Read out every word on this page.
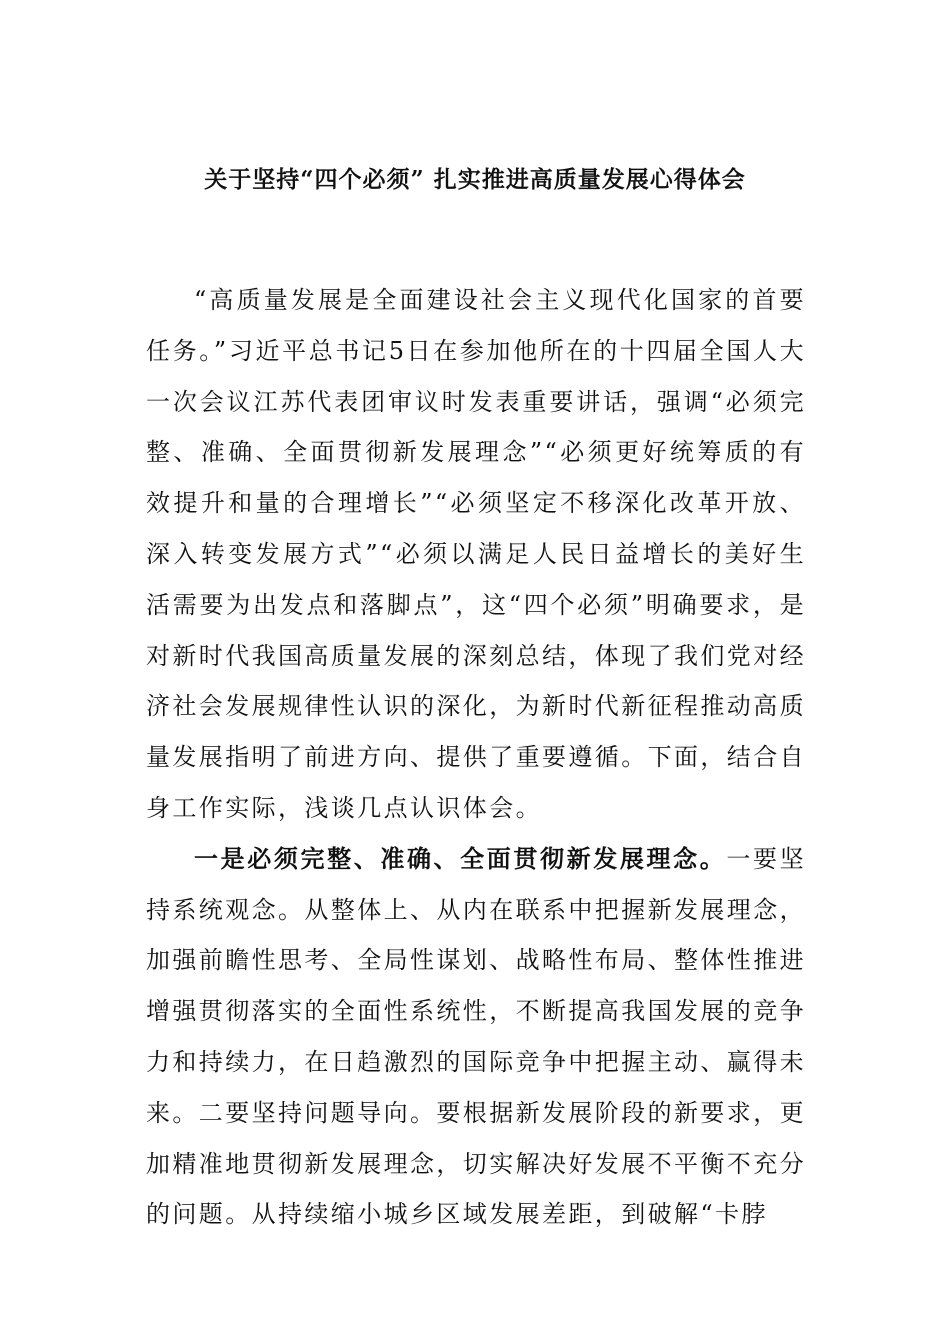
关于坚持“四个必须” 扎实推进高质量发展心得体会

“高质量发展是全面建设社会主义现代化国家的首要任务。”习近平总书记5日在参加他所在的十四届全国人大一次会议江苏代表团审议时发表重要讲话，强调“必须完整、准确、全面贯彻新发展理念”“必须更好统筹质的有效提升和量的合理增长”“必须坚定不移深化改革开放、深入转变发展方式”“必须以满足人民日益增长的美好生活需要为出发点和落脚点”，这“四个必须”明确要求，是对新时代我国高质量发展的深刻总结，体现了我们党对经济社会发展规律性认识的深化，为新时代新征程推动高质量发展指明了前进方向、提供了重要遵循。下面，结合自身工作实际，浅谈几点认识体会。

一是必须完整、准确、全面贯彻新发展理念。一要坚持系统观念。从整体上、从内在联系中把握新发展理念，加强前瞻性思考、全局性谋划、战略性布局、整体性推进增强贯彻落实的全面性系统性，不断提高我国发展的竞争力和持续力，在日趋激烈的国际竞争中把握主动、赢得未来。二要坚持问题导向。要根据新发展阶段的新要求，更加精准地贯彻新发展理念，切实解决好发展不平衡不充分的问题。从持续缩小城乡区域发展差距，到破解“卡脖
